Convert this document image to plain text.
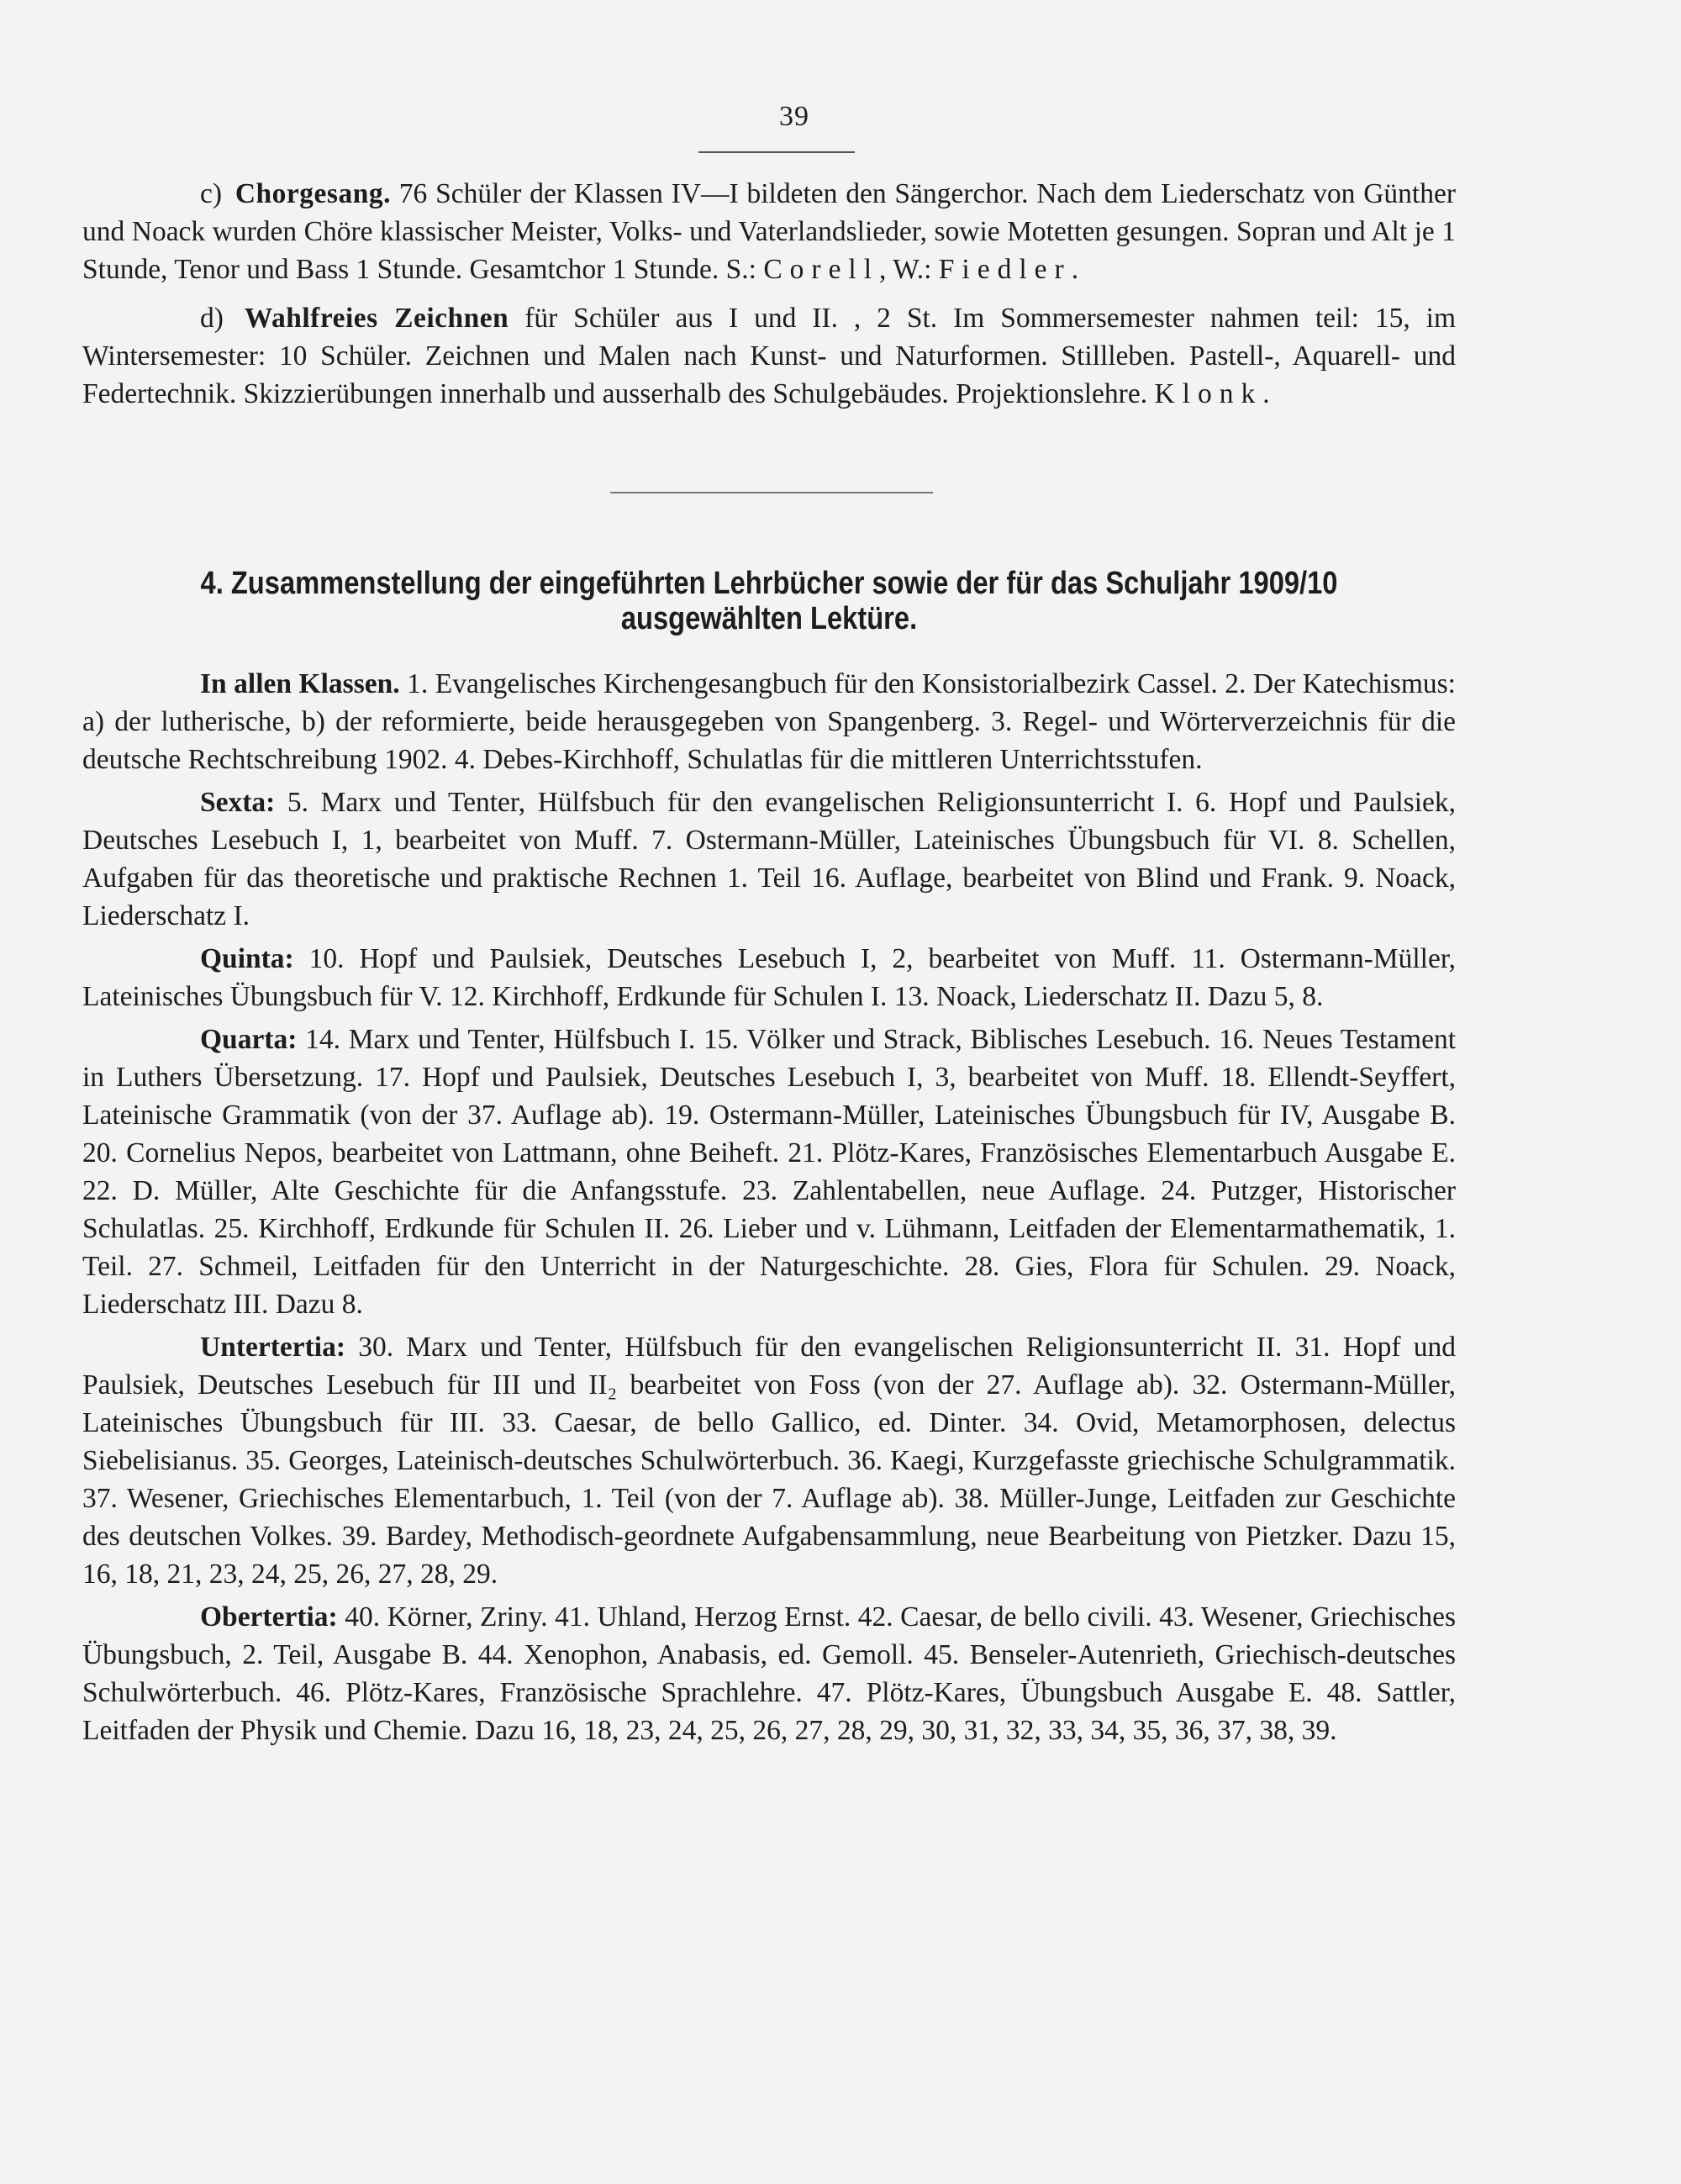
39

c) Chorgesang. 76 Schüler der Klassen IV—I bildeten den Sängerchor. Nach dem Liederschatz von Günther und Noack wurden Chöre klassischer Meister, Volks- und Vaterlandslieder, sowie Motetten gesungen. Sopran und Alt je 1 Stunde, Tenor und Bass 1 Stunde. Gesamtchor 1 Stunde. S.: Corell, W.: Fiedler.

d) Wahlfreies Zeichnen für Schüler aus I und II. , 2 St. Im Sommersemester nahmen teil: 15, im Wintersemester: 10 Schüler. Zeichnen und Malen nach Kunst- und Naturformen. Stillleben. Pastell-, Aquarell- und Federtechnik. Skizzierübungen innerhalb und ausserhalb des Schulgebäudes. Projektionslehre. Klonk.

4. Zusammenstellung der eingeführten Lehrbücher sowie der für das Schuljahr 1909/10
ausgewählten Lektüre.

In allen Klassen. 1. Evangelisches Kirchengesangbuch für den Konsistorialbezirk Cassel. 2. Der Katechismus: a) der lutherische, b) der reformierte, beide herausgegeben von Spangenberg. 3. Regel- und Wörterverzeichnis für die deutsche Rechtschreibung 1902. 4. Debes-Kirchhoff, Schulatlas für die mittleren Unterrichtsstufen.

Sexta: 5. Marx und Tenter, Hülfsbuch für den evangelischen Religionsunterricht I. 6. Hopf und Paulsiek, Deutsches Lesebuch I, 1, bearbeitet von Muff. 7. Ostermann-Müller, Lateinisches Übungsbuch für VI. 8. Schellen, Aufgaben für das theoretische und praktische Rechnen 1. Teil 16. Auflage, bearbeitet von Blind und Frank. 9. Noack, Liederschatz I.

Quinta: 10. Hopf und Paulsiek, Deutsches Lesebuch I, 2, bearbeitet von Muff. 11. Ostermann-Müller, Lateinisches Übungsbuch für V. 12. Kirchhoff, Erdkunde für Schulen I. 13. Noack, Liederschatz II. Dazu 5, 8.

Quarta: 14. Marx und Tenter, Hülfsbuch I. 15. Völker und Strack, Biblisches Lesebuch. 16. Neues Testament in Luthers Übersetzung. 17. Hopf und Paulsiek, Deutsches Lesebuch I, 3, bearbeitet von Muff. 18. Ellendt-Seyffert, Lateinische Grammatik (von der 37. Auflage ab). 19. Ostermann-Müller, Lateinisches Übungsbuch für IV, Ausgabe B. 20. Cornelius Nepos, bearbeitet von Lattmann, ohne Beiheft. 21. Plötz-Kares, Französisches Elementarbuch Ausgabe E. 22. D. Müller, Alte Geschichte für die Anfangsstufe. 23. Zahlentabellen, neue Auflage. 24. Putzger, Historischer Schulatlas. 25. Kirchhoff, Erdkunde für Schulen II. 26. Lieber und v. Lühmann, Leitfaden der Elementarmathematik, 1. Teil. 27. Schmeil, Leitfaden für den Unterricht in der Naturgeschichte. 28. Gies, Flora für Schulen. 29. Noack, Liederschatz III. Dazu 8.

Untertertia: 30. Marx und Tenter, Hülfsbuch für den evangelischen Religionsunterricht II. 31. Hopf und Paulsiek, Deutsches Lesebuch für III und II₂ bearbeitet von Foss (von der 27. Auflage ab). 32. Ostermann-Müller, Lateinisches Übungsbuch für III. 33. Caesar, de bello Gallico, ed. Dinter. 34. Ovid, Metamorphosen, delectus Siebelisianus. 35. Georges, Lateinisch-deutsches Schulwörterbuch. 36. Kaegi, Kurzgefasste griechische Schulgrammatik. 37. Wesener, Griechisches Elementarbuch, 1. Teil (von der 7. Auflage ab). 38. Müller-Junge, Leitfaden zur Geschichte des deutschen Volkes. 39. Bardey, Methodisch-geordnete Aufgabensammlung, neue Bearbeitung von Pietzker. Dazu 15, 16, 18, 21, 23, 24, 25, 26, 27, 28, 29.

Obertertia: 40. Körner, Zriny. 41. Uhland, Herzog Ernst. 42. Caesar, de bello civili. 43. Wesener, Griechisches Übungsbuch, 2. Teil, Ausgabe B. 44. Xenophon, Anabasis, ed. Gemoll. 45. Benseler-Autenrieth, Griechisch-deutsches Schulwörterbuch. 46. Plötz-Kares, Französische Sprachlehre. 47. Plötz-Kares, Übungsbuch Ausgabe E. 48. Sattler, Leitfaden der Physik und Chemie. Dazu 16, 18, 23, 24, 25, 26, 27, 28, 29, 30, 31, 32, 33, 34, 35, 36, 37, 38, 39.
